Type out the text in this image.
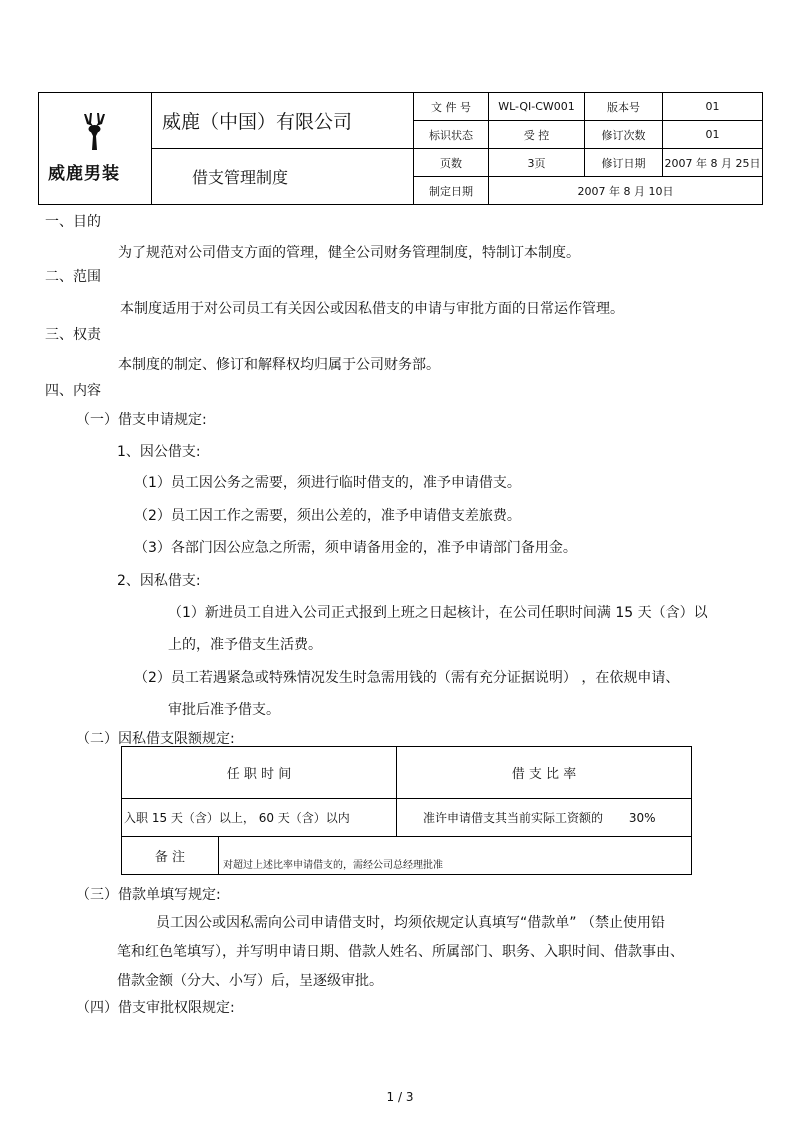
	威鹿（中国）有限公司	文 件 号	WL-QI-CW001	版本号	01
		标识状态	受 控	修订次数	01
	借支管理制度	页数	3页	修订日期	2007 年 8 月 25日
		制定日期	2007 年 8 月 10日		
威鹿男装
一、目的
为了规范对公司借支方面的管理，健全公司财务管理制度，特制订本制度。
二、范围
本制度适用于对公司员工有关因公或因私借支的申请与审批方面的日常运作管理。
三、权责
本制度的制定、修订和解释权均归属于公司财务部。
四、内容
（一）借支申请规定:
1、因公借支:
（1）员工因公务之需要，须进行临时借支的，准予申请借支。
（2）员工因工作之需要，须出公差的，准予申请借支差旅费。
（3）各部门因公应急之所需，须申请备用金的，准予申请部门备用金。
2、因私借支:
（1）新进员工自进入公司正式报到上班之日起核计，在公司任职时间满 15 天（含）以
上的，准予借支生活费。
（2）员工若遇紧急或特殊情况发生时急需用钱的（需有充分证据说明） ，在依规申请、
审批后准予借支。
（二）因私借支限额规定:
任 职 时 间		借 支 比 率
入职 15 天（含）以上， 60 天（含）以内		准许申请借支其当前实际工资额的 30%
备 注	对超过上述比率申请借支的，需经公司总经理批准	
（三）借款单填写规定:
员工因公或因私需向公司申请借支时，均须依规定认真填写“借款单” （禁止使用铅
笔和红色笔填写），并写明申请日期、借款人姓名、所属部门、职务、入职时间、借款事由、
借款金额（分大、小写）后，呈逐级审批。
（四）借支审批权限规定:
1 / 3
